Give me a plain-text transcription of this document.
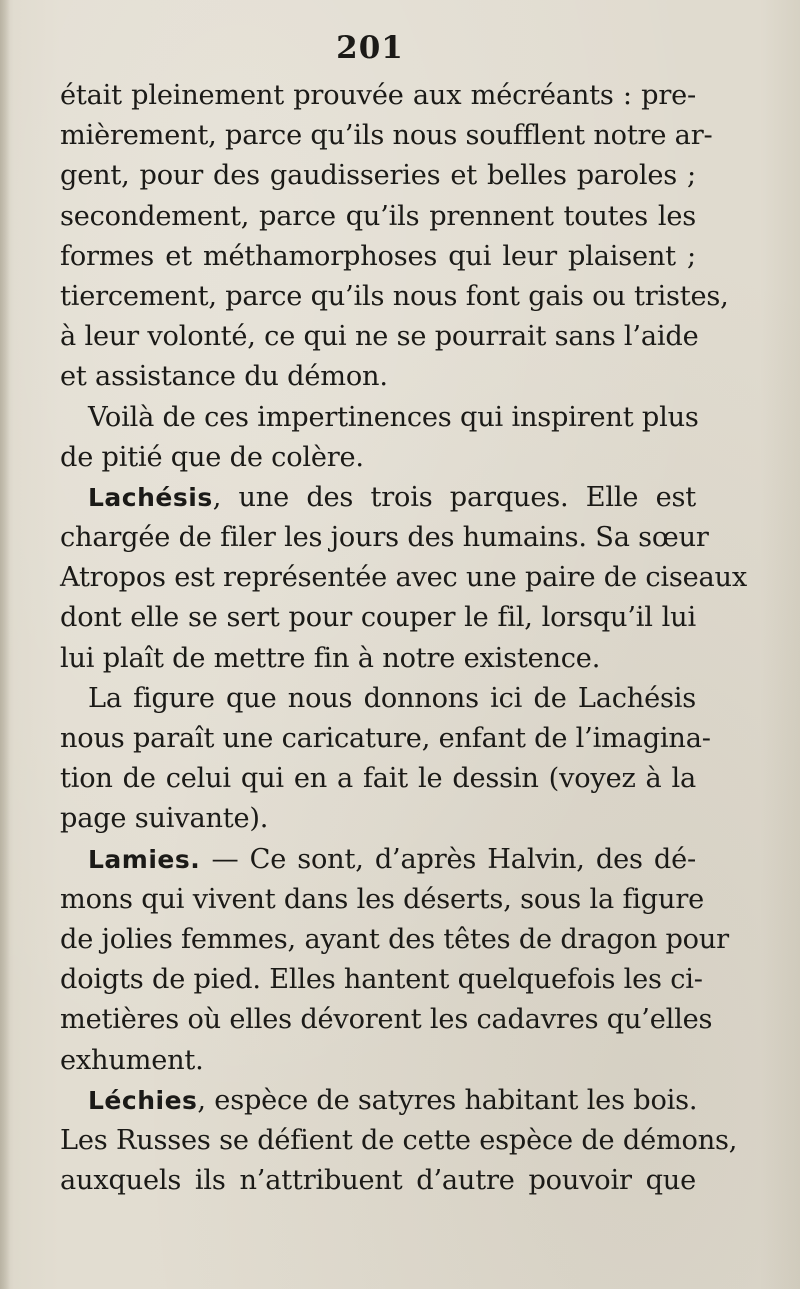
201
était pleinement prouvée aux mécréants : pre-
mièrement, parce qu’ils nous soufflent notre ar-
gent, pour des gaudisseries et belles paroles ;
secondement, parce qu’ils prennent toutes les
formes et méthamorphoses qui leur plaisent ;
tiercement, parce qu’ils nous font gais ou tristes,
à leur volonté, ce qui ne se pourrait sans l’aide
et assistance du démon.
Voilà de ces impertinences qui inspirent plus
de pitié que de colère.
Lachésis, une des trois parques. Elle est
chargée de filer les jours des humains. Sa sœur
Atropos est représentée avec une paire de ciseaux
dont elle se sert pour couper le fil, lorsqu’il lui
lui plaît de mettre fin à notre existence.
La figure que nous donnons ici de Lachésis
nous paraît une caricature, enfant de l’imagina-
tion de celui qui en a fait le dessin (voyez à la
page suivante).
Lamies. — Ce sont, d’après Halvin, des dé-
mons qui vivent dans les déserts, sous la figure
de jolies femmes, ayant des têtes de dragon pour
doigts de pied. Elles hantent quelquefois les ci-
metières où elles dévorent les cadavres qu’elles
exhument.
Léchies, espèce de satyres habitant les bois.
Les Russes se défient de cette espèce de démons,
auxquels ils n’attribuent d’autre pouvoir que
